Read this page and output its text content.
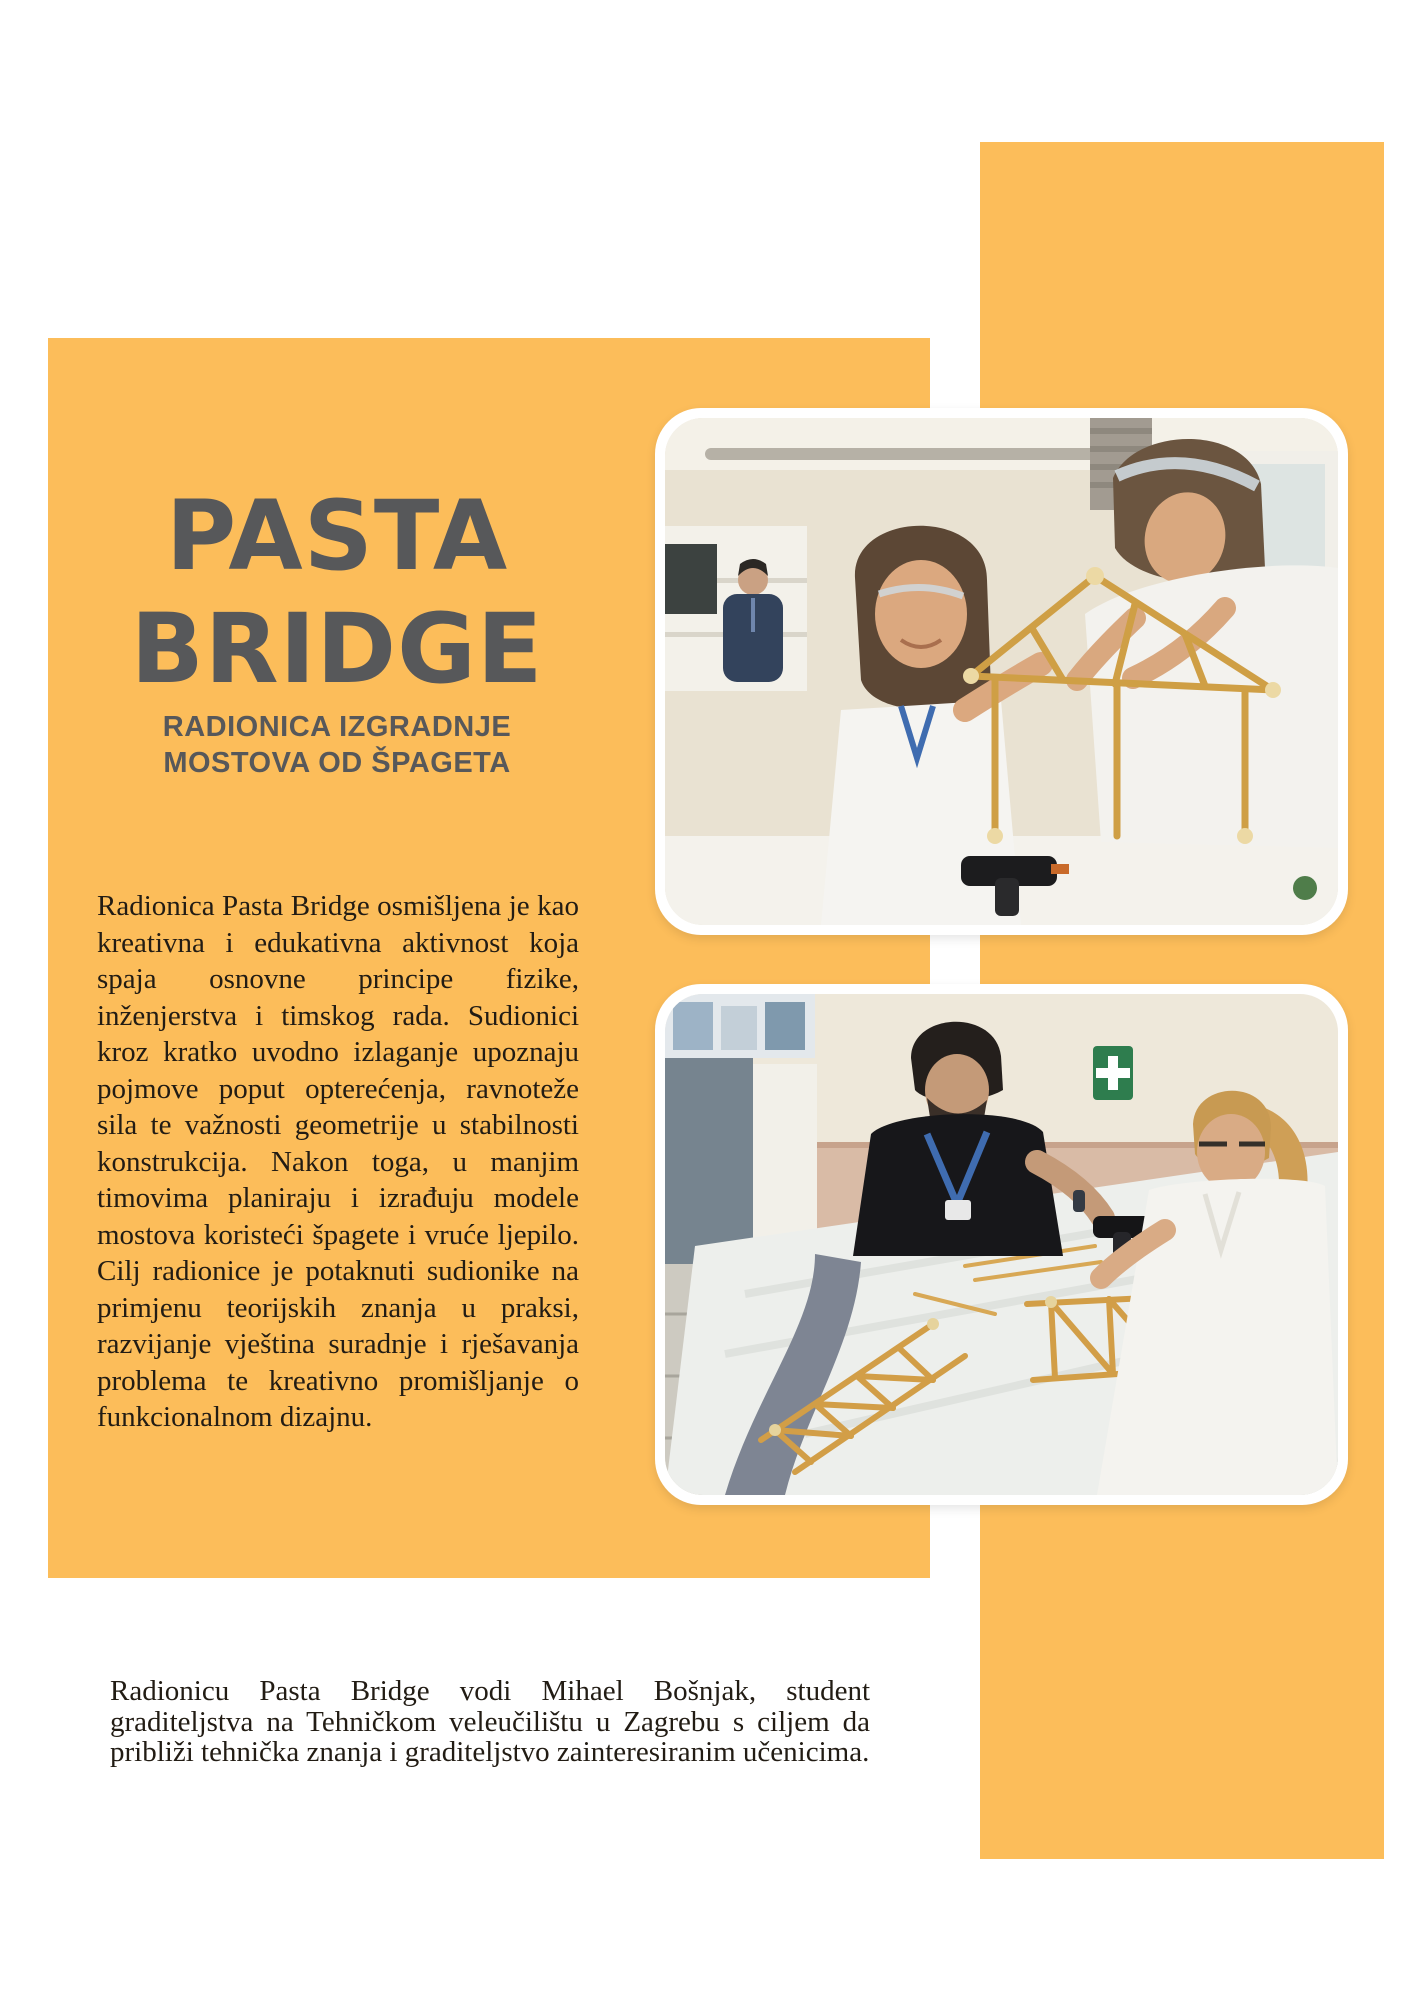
PASTA
BRIDGE
RADIONICA IZGRADNJE
MOSTOVA OD ŠPAGETA
Radionica Pasta Bridge osmišljena je kao kreativna i edukativna aktivnost koja spaja osnovne principe fizike, inženjerstva i timskog rada. Sudionici kroz kratko uvodno izlaganje upoznaju pojmove poput opterećenja, ravnoteže sila te važnosti geometrije u stabilnosti konstrukcija. Nakon toga, u manjim timovima planiraju i izrađuju modele mostova koristeći špagete i vruće ljepilo. Cilj radionice je potaknuti sudionike na primjenu teorijskih znanja u praksi, razvijanje vještina suradnje i rješavanja problema te kreativno promišljanje o funkcionalnom dizajnu.
Radionicu Pasta Bridge vodi Mihael Bošnjak, student graditeljstva na Tehničkom veleučilištu u Zagrebu s ciljem da približi tehnička znanja i graditeljstvo zainteresiranim učenicima.
